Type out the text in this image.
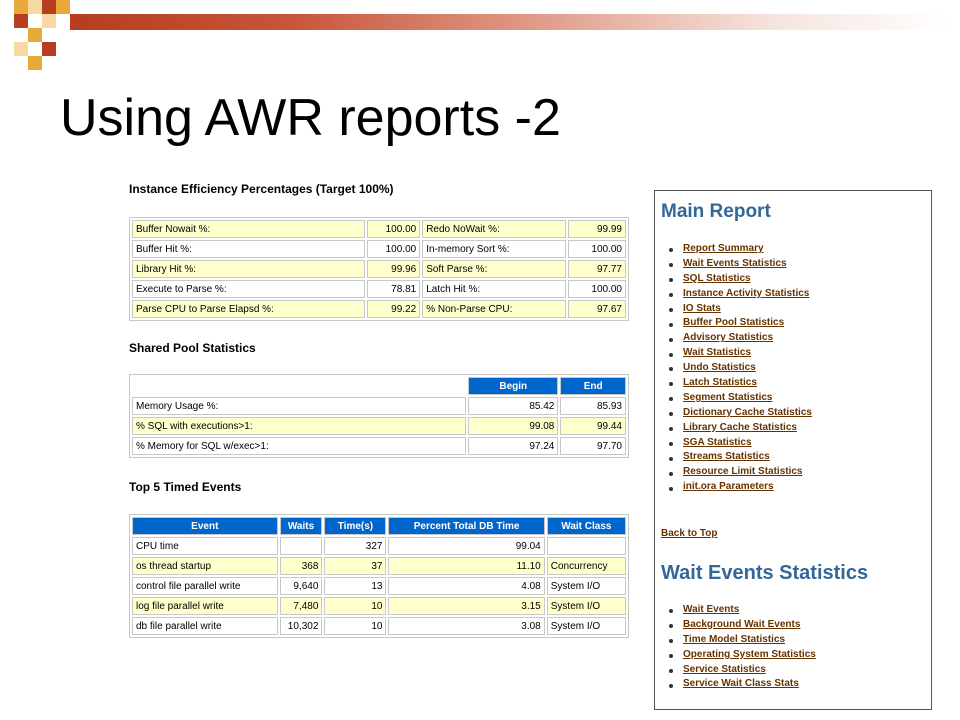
Using AWR reports -2
Instance Efficiency Percentages (Target 100%)
Buffer Nowait %:	100.00	Redo NoWait %:	99.99
Buffer Hit %:	100.00	In-memory Sort %:	100.00
Library Hit %:	99.96	Soft Parse %:	97.77
Execute to Parse %:	78.81	Latch Hit %:	100.00
Parse CPU to Parse Elapsd %:	99.22	% Non-Parse CPU:	97.67
Shared Pool Statistics
	Begin	End
Memory Usage %:	85.42	85.93
% SQL with executions>1:	99.08	99.44
% Memory for SQL w/exec>1:	97.24	97.70
Top 5 Timed Events
Event	Waits	Time(s)	Percent Total DB Time	Wait Class
CPU time		327	99.04	
os thread startup	368	37	11.10	Concurrency
control file parallel write	9,640	13	4.08	System I/O
log file parallel write	7,480	10	3.15	System I/O
db file parallel write	10,302	10	3.08	System I/O
Main Report
Report Summary
Wait Events Statistics
SQL Statistics
Instance Activity Statistics
IO Stats
Buffer Pool Statistics
Advisory Statistics
Wait Statistics
Undo Statistics
Latch Statistics
Segment Statistics
Dictionary Cache Statistics
Library Cache Statistics
SGA Statistics
Streams Statistics
Resource Limit Statistics
init.ora Parameters
Back to Top
Wait Events Statistics
Wait Events
Background Wait Events
Time Model Statistics
Operating System Statistics
Service Statistics
Service Wait Class Stats
